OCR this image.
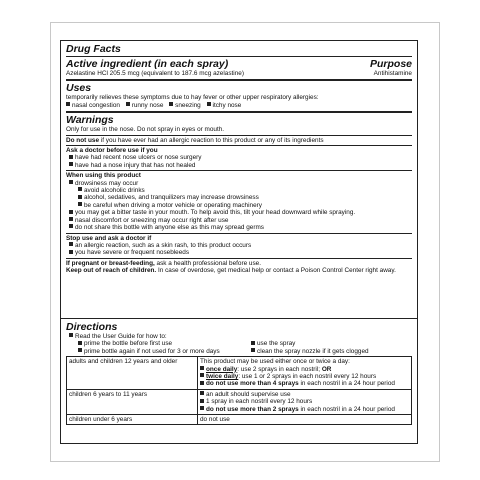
Drug Facts
Active ingredient (in each spray)	Purpose
Azelastine HCl 205.5 mcg (equivalent to 187.6 mcg azelastine)	Antihistamine
Uses
temporarily relieves these symptoms due to hay fever or other upper respiratory allergies:
nasal congestion runny nose sneezing itchy nose
Warnings
Only for use in the nose. Do not spray in eyes or mouth.
Do not use if you have ever had an allergic reaction to this product or any of its ingredients
Ask a doctor before use if you
have had recent nose ulcers or nose surgery
have had a nose injury that has not healed
When using this product
drowsiness may occur
avoid alcoholic drinks
alcohol, sedatives, and tranquilizers may increase drowsiness
be careful when driving a motor vehicle or operating machinery
you may get a bitter taste in your mouth. To help avoid this, tilt your head downward while spraying.
nasal discomfort or sneezing may occur right after use
do not share this bottle with anyone else as this may spread germs
Stop use and ask a doctor if
an allergic reaction, such as a skin rash, to this product occurs
you have severe or frequent nosebleeds
If pregnant or breast-feeding, ask a health professional before use.
Keep out of reach of children. In case of overdose, get medical help or contact a Poison Control Center right away.
Directions
Read the User Guide for how to:
prime the bottle before first use
prime bottle again if not used for 3 or more days
use the spray
clean the spray nozzle if it gets clogged
adults and children 12 years and older	This product may be used either once or twice a day:
once daily: use 2 sprays in each nostril; OR
twice daily: use 1 or 2 sprays in each nostril every 12 hours
do not use more than 4 sprays in each nostril in a 24 hour period

children 6 years to 11 years	an adult should supervise use
1 spray in each nostril every 12 hours
do not use more than 2 sprays in each nostril in a 24 hour period

children under 6 years	do not use
